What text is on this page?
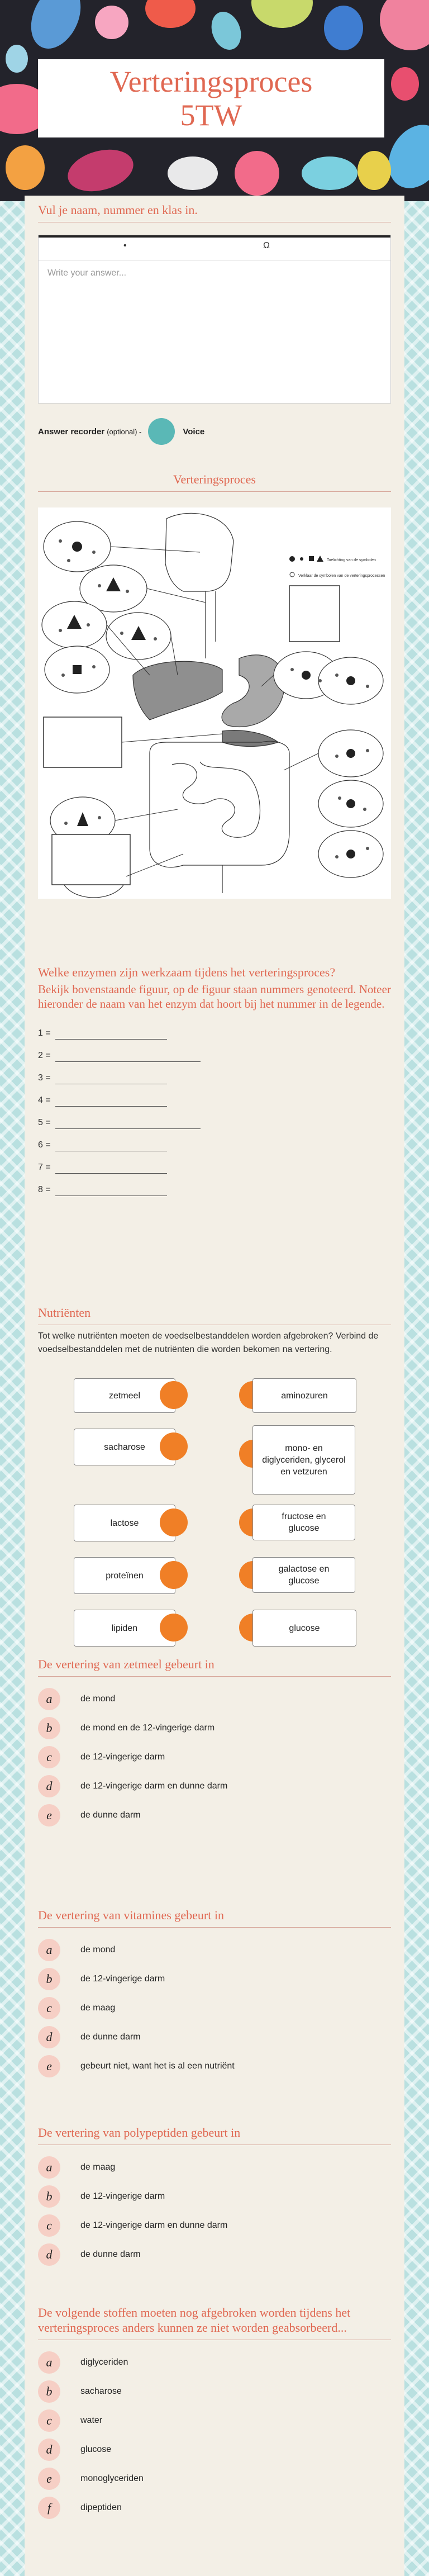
Verteringsproces
5TW
Vul je naam, nummer en klas in.
•	Ω
Write your answer...
Answer recorder (optional) -	Voice
Verteringsproces
Toelichting van de symbolen
Verklaar de symbolen van de verteringsprocessen
Welke enzymen zijn werkzaam tijdens het verteringsproces?
Bekijk bovenstaande figuur, op de figuur staan nummers genoteerd. Noteer hieronder de naam van het enzym dat hoort bij het nummer in de legende.
1 =
2 =
3 =
4 =
5 =
6 =
7 =
8 =
Nutriënten
Tot welke nutriënten moeten de voedselbestanddelen worden afgebroken? Verbind de voedselbestanddelen met de nutriënten die worden bekomen na vertering.
zetmeel
sacharose
lactose
proteïnen
lipiden
aminozuren
mono- en diglyceriden, glycerol en vetzuren
fructose en glucose
galactose en glucose
glucose
De vertering van zetmeel gebeurt in
a	de mond
b	de mond en de 12-vingerige darm
c	de 12-vingerige darm
d	de 12-vingerige darm en dunne darm
e	de dunne darm
De vertering van vitamines gebeurt in
a	de mond
b	de 12-vingerige darm
c	de maag
d	de dunne darm
e	gebeurt niet, want het is al een nutriënt
De vertering van polypeptiden gebeurt in
a	de maag
b	de 12-vingerige darm
c	de 12-vingerige darm en dunne darm
d	de dunne darm
De volgende stoffen moeten nog afgebroken worden tijdens het verteringsproces anders kunnen ze niet worden geabsorbeerd...
a	diglyceriden
b	sacharose
c	water
d	glucose
e	monoglyceriden
f	dipeptiden
